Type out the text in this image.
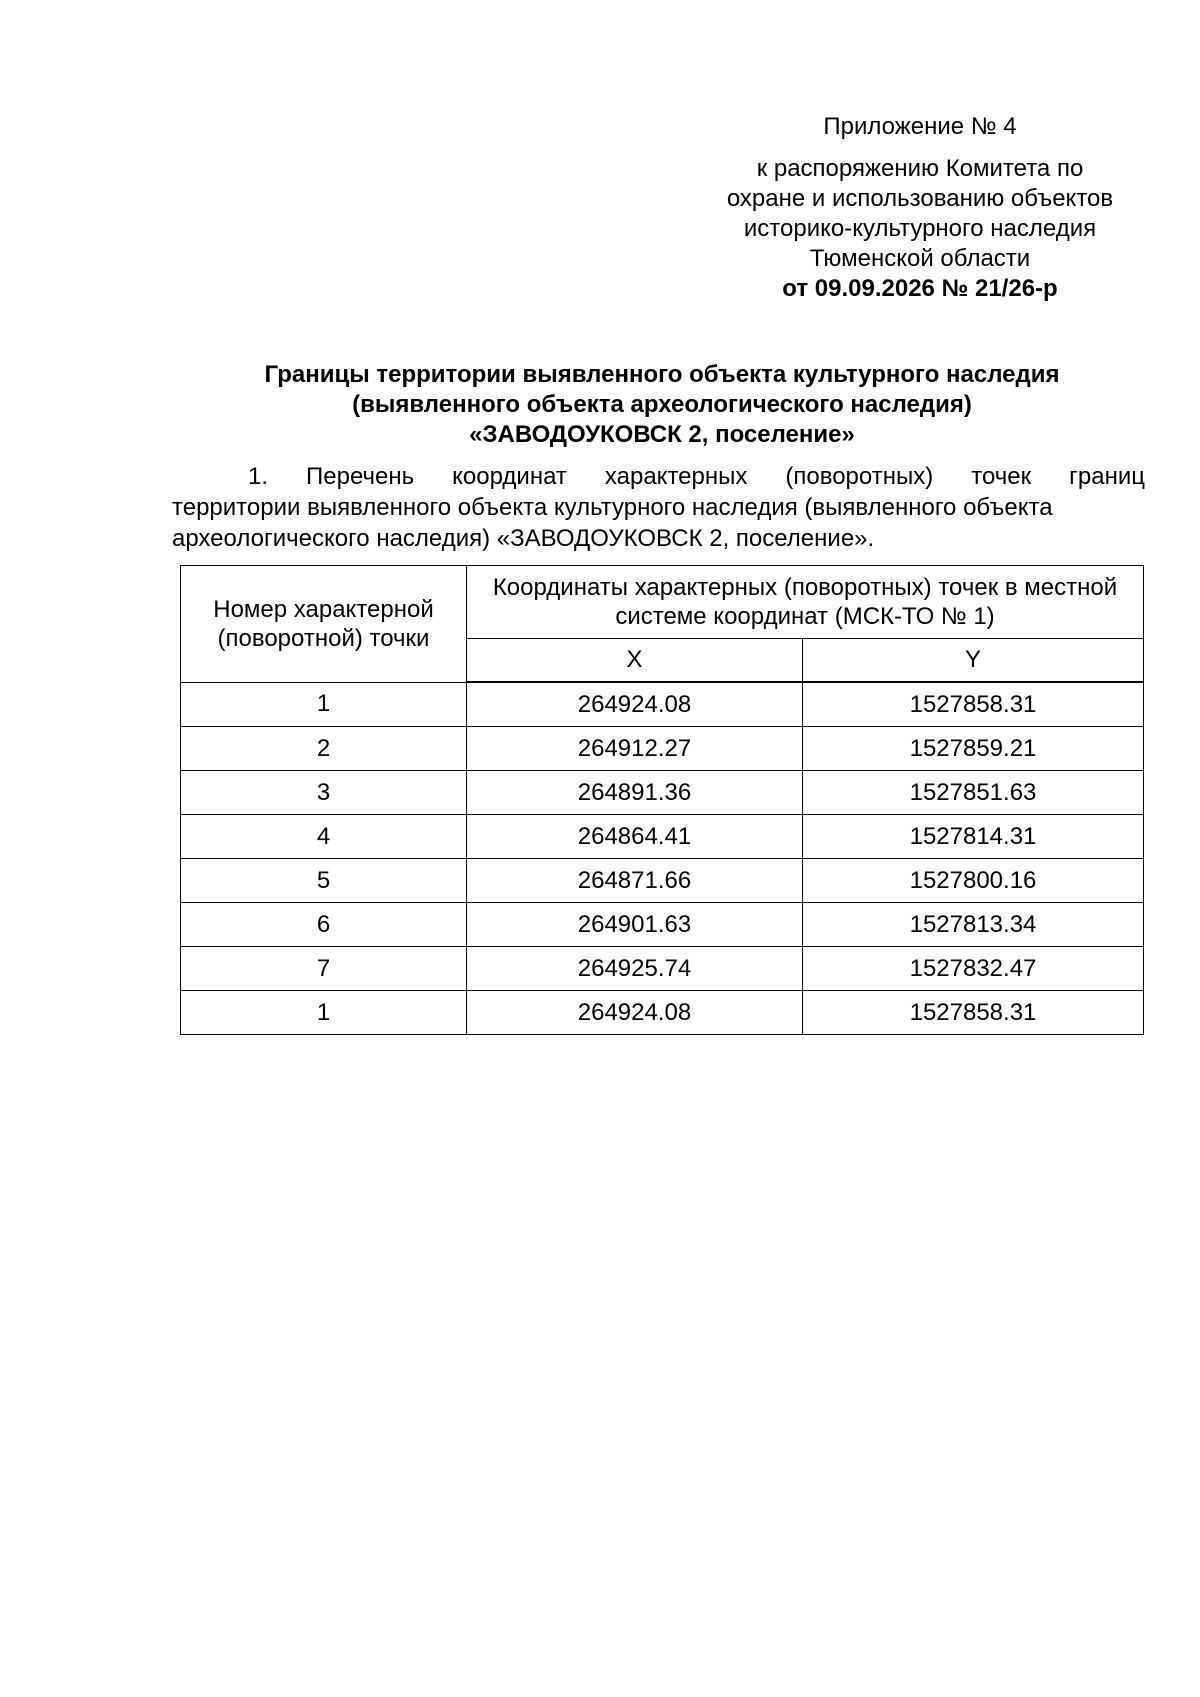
Приложение № 4
к распоряжению Комитета по
охране и использованию объектов
историко-культурного наследия
Тюменской области
от 09.09.2026 № 21/26-р
Границы территории выявленного объекта культурного наследия
(выявленного объекта археологического наследия)
«ЗАВОДОУКОВСК 2, поселение»
1. Перечень координат характерных (поворотных) точек границ
территории выявленного объекта культурного наследия (выявленного объекта
археологического наследия) «ЗАВОДОУКОВСК 2, поселение».
Номер характерной (поворотной) точки	Координаты характерных (поворотных) точек в местной системе координат (МСК-ТО № 1)	
	X	Y
1	264924.08	1527858.31
2	264912.27	1527859.21
3	264891.36	1527851.63
4	264864.41	1527814.31
5	264871.66	1527800.16
6	264901.63	1527813.34
7	264925.74	1527832.47
1	264924.08	1527858.31
